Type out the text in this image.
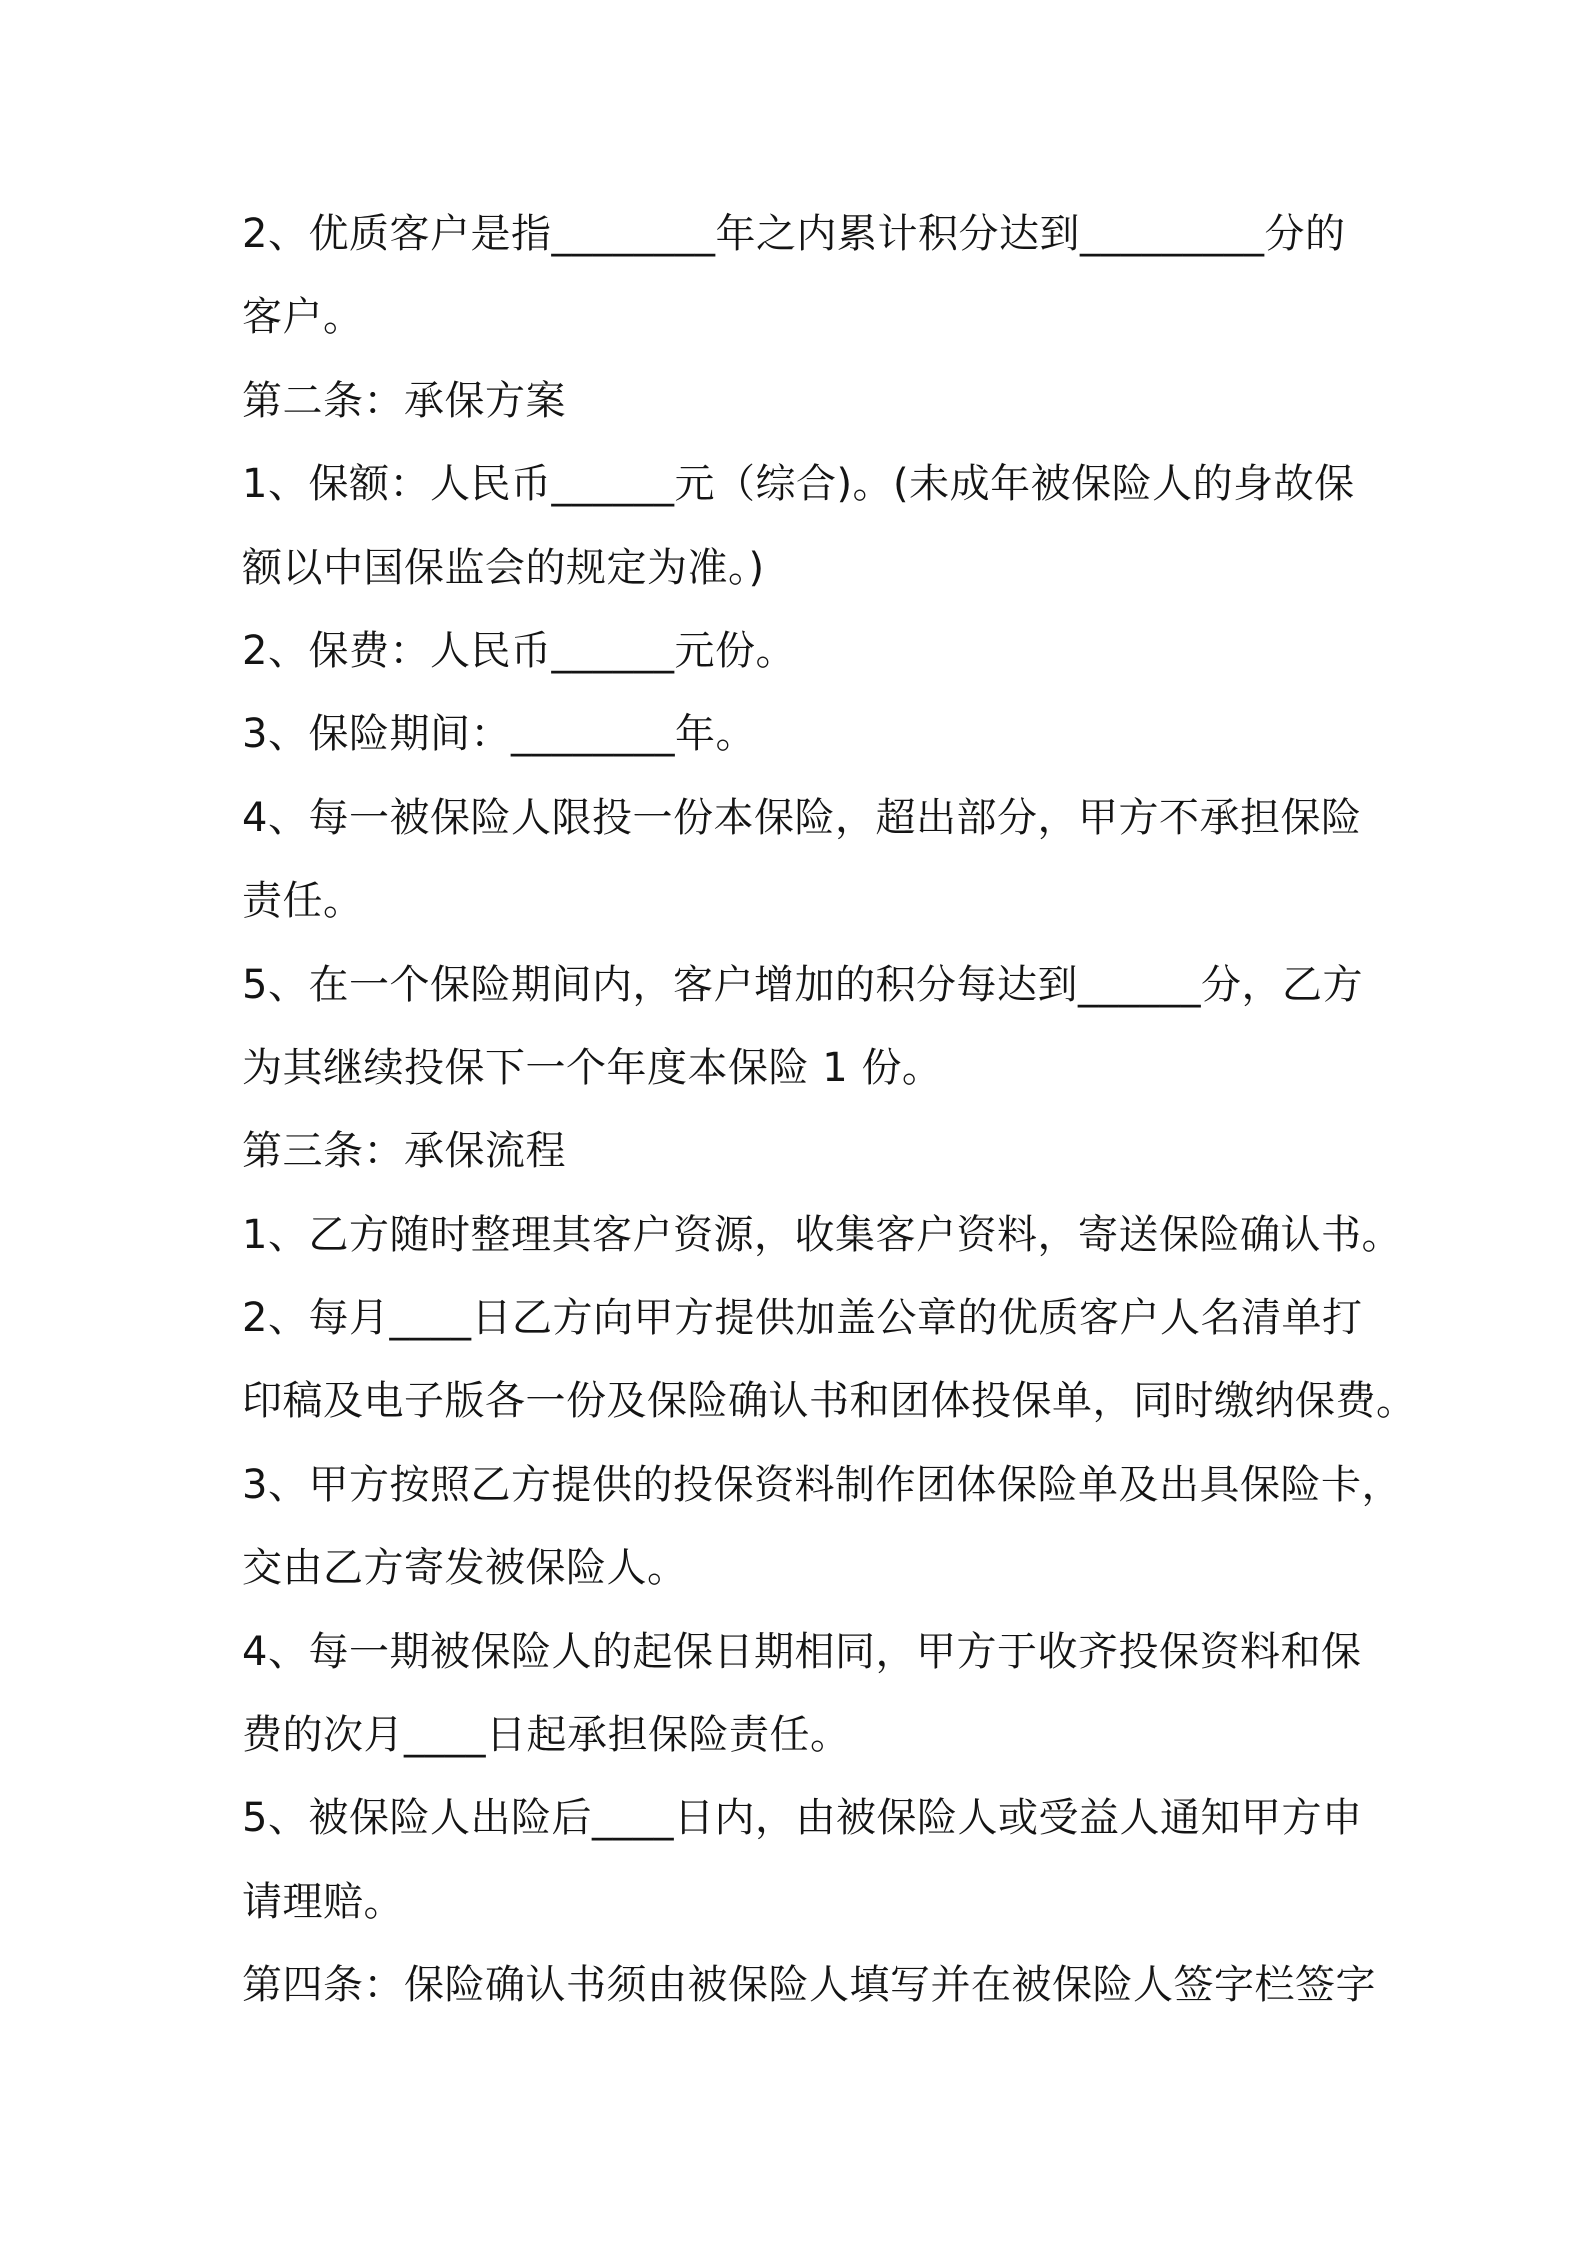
2、优质客户是指________年之内累计积分达到_________分的
客户。
第二条：承保方案
1、保额：人民币______元（综合)。(未成年被保险人的身故保
额以中国保监会的规定为准。)
2、保费：人民币______元份。
3、保险期间：________年。
4、每一被保险人限投一份本保险，超出部分，甲方不承担保险
责任。
5、在一个保险期间内，客户增加的积分每达到______分，乙方
为其继续投保下一个年度本保险 1 份。
第三条：承保流程
1、乙方随时整理其客户资源，收集客户资料，寄送保险确认书。
2、每月____日乙方向甲方提供加盖公章的优质客户人名清单打
印稿及电子版各一份及保险确认书和团体投保单，同时缴纳保费。
3、甲方按照乙方提供的投保资料制作团体保险单及出具保险卡，
交由乙方寄发被保险人。
4、每一期被保险人的起保日期相同，甲方于收齐投保资料和保
费的次月____日起承担保险责任。
5、被保险人出险后____日内，由被保险人或受益人通知甲方申
请理赔。
第四条：保险确认书须由被保险人填写并在被保险人签字栏签字
